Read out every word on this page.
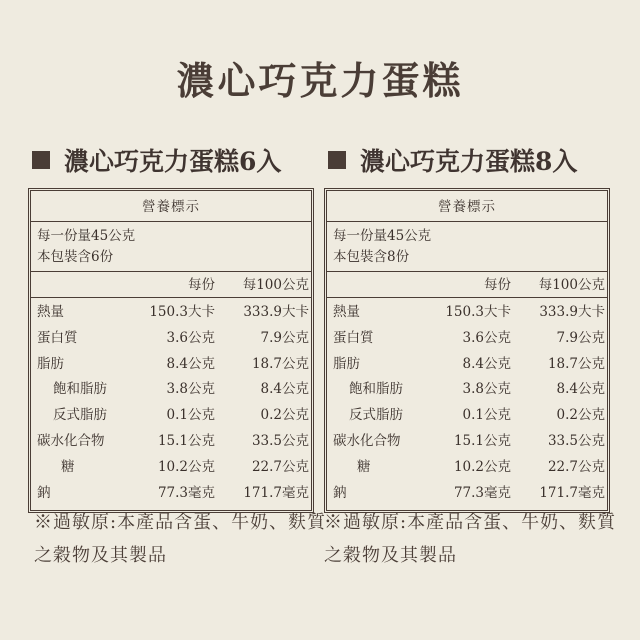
濃心巧克力蛋糕
濃心巧克力蛋糕6入
營養標示
每一份量45公克
本包裝含6份
每份	每100公克
熱量	150.3大卡	333.9大卡
蛋白質	3.6公克	7.9公克
脂肪	8.4公克	18.7公克
飽和脂肪	3.8公克	8.4公克
反式脂肪	0.1公克	0.2公克
碳水化合物	15.1公克	33.5公克
糖	10.2公克	22.7公克
鈉	77.3毫克	171.7毫克
濃心巧克力蛋糕8入
營養標示
每一份量45公克
本包裝含8份
每份	每100公克
熱量	150.3大卡	333.9大卡
蛋白質	3.6公克	7.9公克
脂肪	8.4公克	18.7公克
飽和脂肪	3.8公克	8.4公克
反式脂肪	0.1公克	0.2公克
碳水化合物	15.1公克	33.5公克
糖	10.2公克	22.7公克
鈉	77.3毫克	171.7毫克
※過敏原:本產品含蛋、牛奶、麩質之穀物及其製品
※過敏原:本產品含蛋、牛奶、麩質之穀物及其製品
